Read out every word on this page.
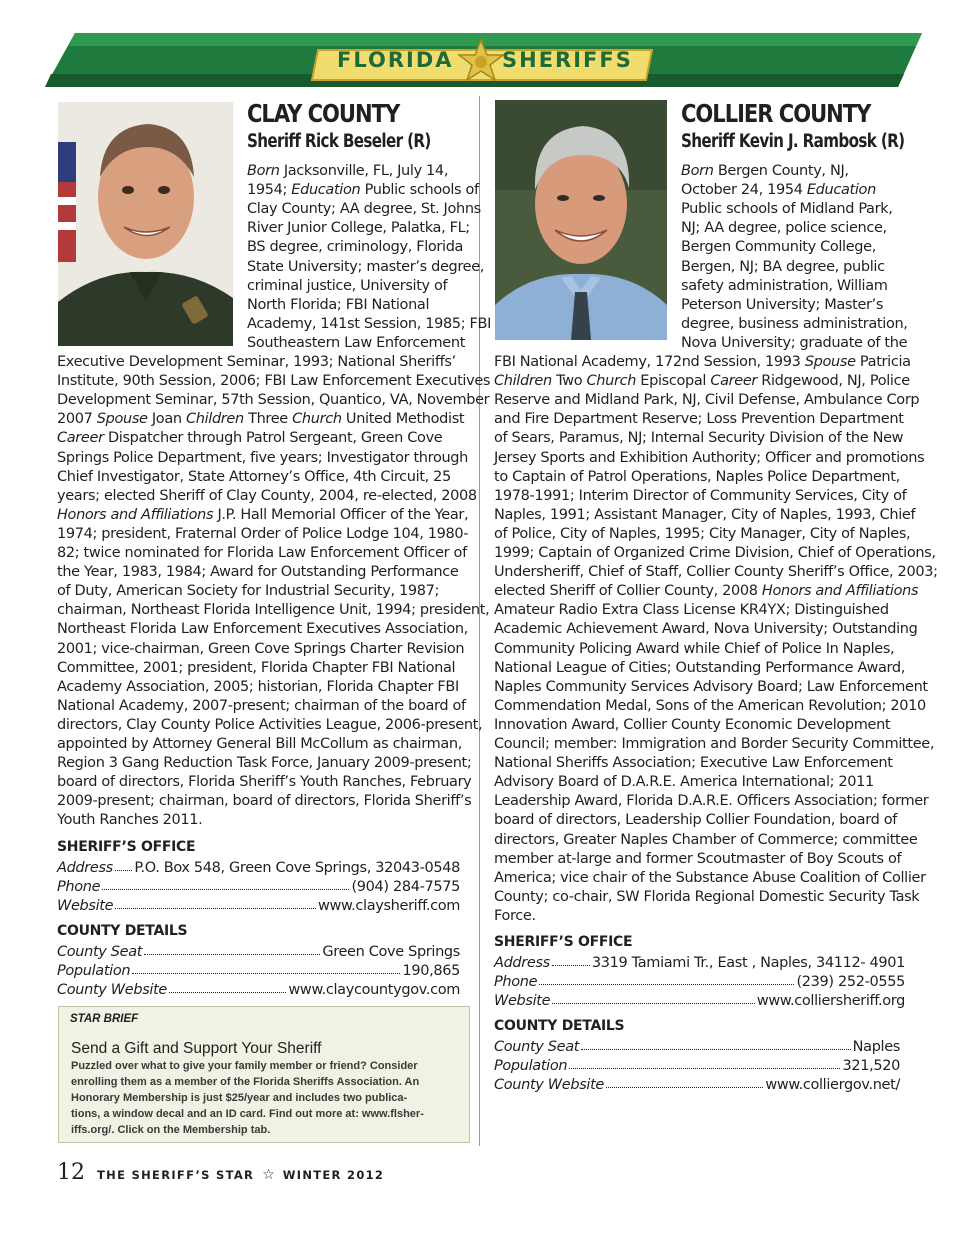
FLORIDA SHERIFFS
CLAY COUNTY
Sheriff Rick Beseler (R)
Born Jacksonville, FL, July 14,
1954; Education Public schools of
Clay County; AA degree, St. Johns
River Junior College, Palatka, FL;
BS degree, criminology, Florida
State University; master’s degree,
criminal justice, University of
North Florida; FBI National
Academy, 141st Session, 1985; FBI
Southeastern Law Enforcement
Executive Development Seminar, 1993; National Sheriffs’
Institute, 90th Session, 2006; FBI Law Enforcement Executives
Development Seminar, 57th Session, Quantico, VA, November
2007 Spouse Joan Children Three Church United Methodist
Career Dispatcher through Patrol Sergeant, Green Cove
Springs Police Department, five years; Investigator through
Chief Investigator, State Attorney’s Office, 4th Circuit, 25
years; elected Sheriff of Clay County, 2004, re-elected, 2008
Honors and Affiliations J.P. Hall Memorial Officer of the Year,
1974; president, Fraternal Order of Police Lodge 104, 1980-
82; twice nominated for Florida Law Enforcement Officer of
the Year, 1983, 1984; Award for Outstanding Performance
of Duty, American Society for Industrial Security, 1987;
chairman, Northeast Florida Intelligence Unit, 1994; president,
Northeast Florida Law Enforcement Executives Association,
2001; vice-chairman, Green Cove Springs Charter Revision
Committee, 2001; president, Florida Chapter FBI National
Academy Association, 2005; historian, Florida Chapter FBI
National Academy, 2007-present; chairman of the board of
directors, Clay County Police Activities League, 2006-present,
appointed by Attorney General Bill McCollum as chairman,
Region 3 Gang Reduction Task Force, January 2009-present;
board of directors, Florida Sheriff’s Youth Ranches, February
2009-present; chairman, board of directors, Florida Sheriff’s
Youth Ranches 2011.
SHERIFF’S OFFICE
Address P.O. Box 548, Green Cove Springs, 32043-0548
Phone	(904) 284-7575
Website	www.claysheriff.com
COUNTY DETAILS
County Seat	Green Cove Springs
Population	190,865
County Website	www.claycountygov.com
STAR BRIEF
Send a Gift and Support Your Sheriff
Puzzled over what to give your family member or friend? Consider
enrolling them as a member of the Florida Sheriffs Association. An
Honorary Membership is just $25/year and includes two publica-
tions, a window decal and an ID card. Find out more at: www.flsher-
iffs.org/. Click on the Membership tab.
COLLIER COUNTY
Sheriff Kevin J. Rambosk (R)
Born Bergen County, NJ,
October 24, 1954 Education
Public schools of Midland Park,
NJ; AA degree, police science,
Bergen Community College,
Bergen, NJ; BA degree, public
safety administration, William
Peterson University; Master’s
degree, business administration,
Nova University; graduate of the
FBI National Academy, 172nd Session, 1993 Spouse Patricia
Children Two Church Episcopal Career Ridgewood, NJ, Police
Reserve and Midland Park, NJ, Civil Defense, Ambulance Corp
and Fire Department Reserve; Loss Prevention Department
of Sears, Paramus, NJ; Internal Security Division of the New
Jersey Sports and Exhibition Authority; Officer and promotions
to Captain of Patrol Operations, Naples Police Department,
1978-1991; Interim Director of Community Services, City of
Naples, 1991; Assistant Manager, City of Naples, 1993, Chief
of Police, City of Naples, 1995; City Manager, City of Naples,
1999; Captain of Organized Crime Division, Chief of Operations,
Undersheriff, Chief of Staff, Collier County Sheriff’s Office, 2003;
elected Sheriff of Collier County, 2008 Honors and Affiliations
Amateur Radio Extra Class License KR4YX; Distinguished
Academic Achievement Award, Nova University; Outstanding
Community Policing Award while Chief of Police In Naples,
National League of Cities; Outstanding Performance Award,
Naples Community Services Advisory Board; Law Enforcement
Commendation Medal, Sons of the American Revolution; 2010
Innovation Award, Collier County Economic Development
Council; member: Immigration and Border Security Committee,
National Sheriffs Association; Executive Law Enforcement
Advisory Board of D.A.R.E. America International; 2011
Leadership Award, Florida D.A.R.E. Officers Association; former
board of directors, Leadership Collier Foundation, board of
directors, Greater Naples Chamber of Commerce; committee
member at-large and former Scoutmaster of Boy Scouts of
America; vice chair of the Substance Abuse Coalition of Collier
County; co-chair, SW Florida Regional Domestic Security Task
Force.
SHERIFF’S OFFICE
Address	3319 Tamiami Tr., East , Naples, 34112- 4901
Phone	(239) 252-0555
Website	www.colliersheriff.org
COUNTY DETAILS
County Seat	Naples
Population	321,520
County Website	www.colliergov.net/
12 THE SHERIFF’S STAR ☆ WINTER 2012
